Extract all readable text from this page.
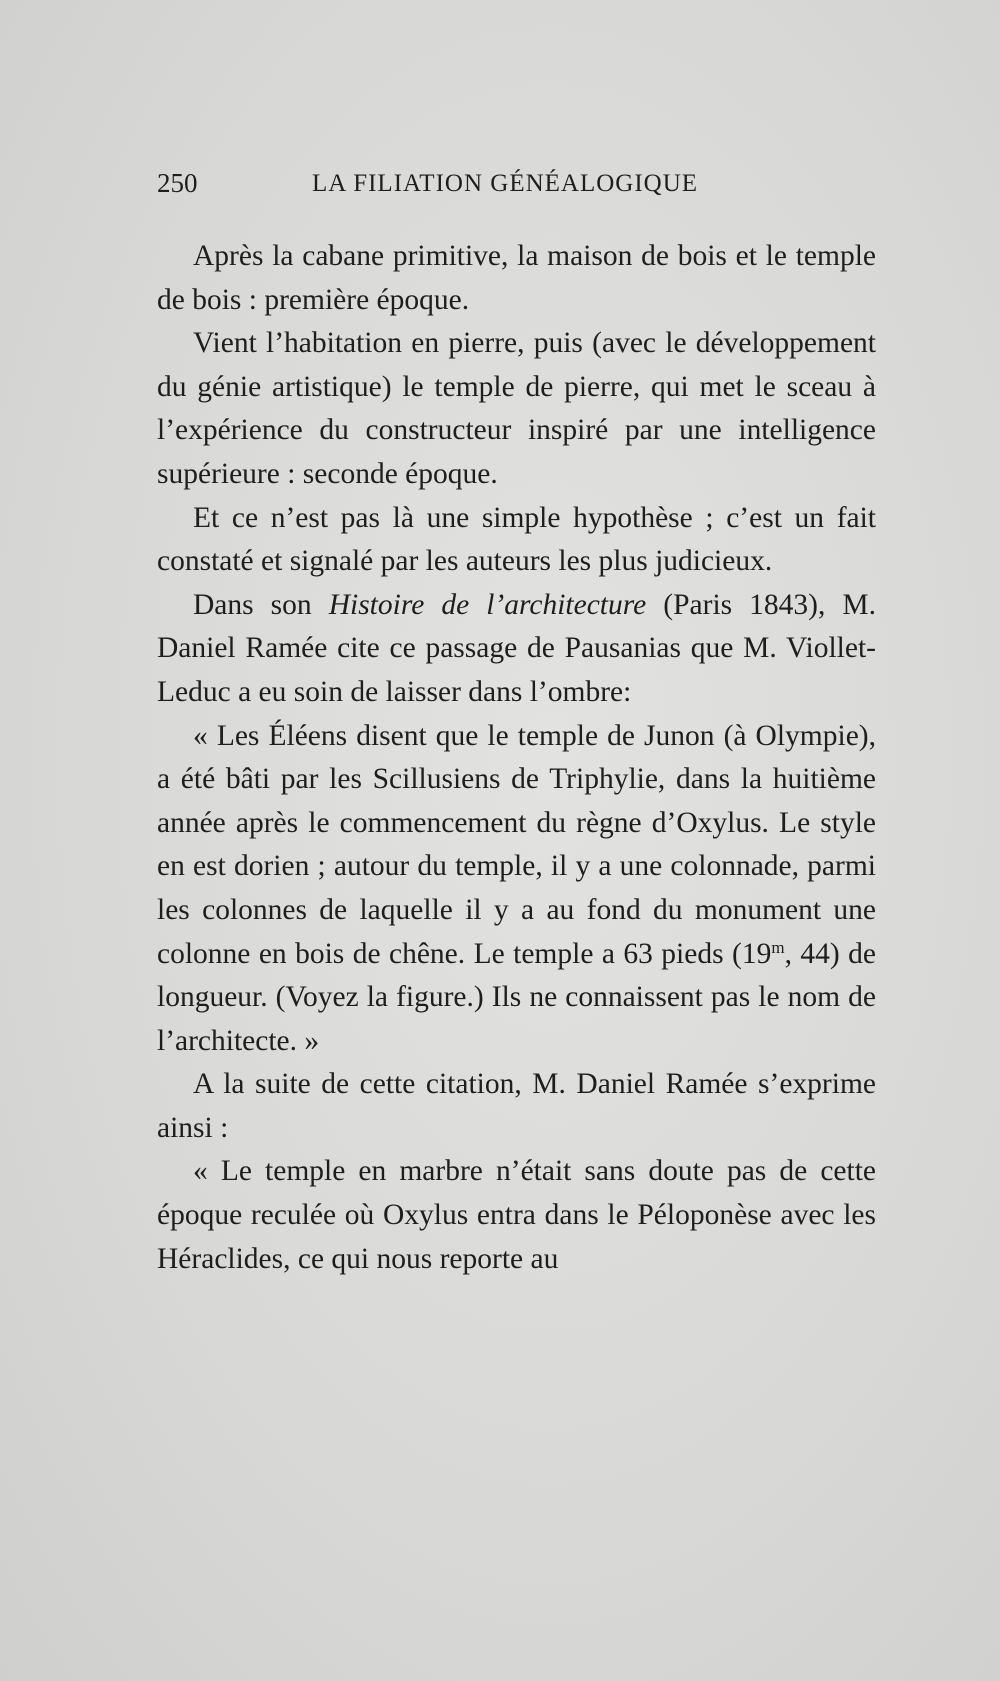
250	LA FILIATION GÉNÉALOGIQUE

Après la cabane primitive, la maison de bois et le temple de bois : première époque.

Vient l’habitation en pierre, puis (avec le développement du génie artistique) le temple de pierre, qui met le sceau à l’expérience du constructeur inspiré par une intelligence supérieure : seconde époque.

Et ce n’est pas là une simple hypothèse ; c’est un fait constaté et signalé par les auteurs les plus judicieux.

Dans son Histoire de l’architecture (Paris 1843), M. Daniel Ramée cite ce passage de Pausanias que M. Viollet-Leduc a eu soin de laisser dans l’ombre:

« Les Éléens disent que le temple de Junon (à Olympie), a été bâti par les Scillusiens de Triphylie, dans la huitième année après le commencement du règne d’Oxylus. Le style en est dorien ; autour du temple, il y a une colonnade, parmi les colonnes de laquelle il y a au fond du monument une colonne en bois de chêne. Le temple a 63 pieds (19$^m$, 44) de longueur. (Voyez la figure.) Ils ne connaissent pas le nom de l’architecte. »

A la suite de cette citation, M. Daniel Ramée s’exprime ainsi :

« Le temple en marbre n’était sans doute pas de cette époque reculée où Oxylus entra dans le Péloponèse avec les Héraclides, ce qui nous reporte au
